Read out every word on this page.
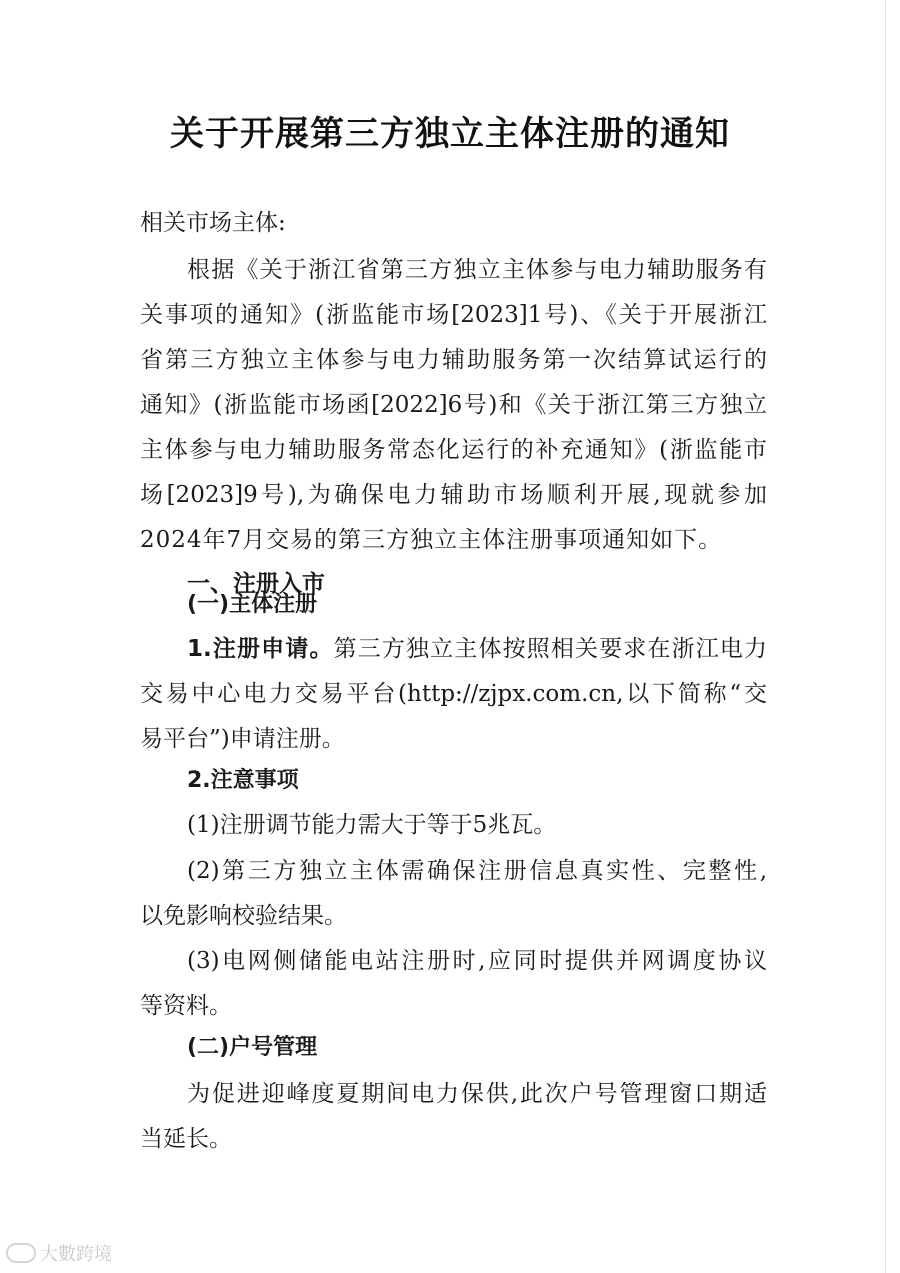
关于开展第三方独立主体注册的通知
相关市场主体:
根据《关于浙江省第三方独立主体参与电力辅助服务有
关事项的通知》(浙监能市场[2023]1号)、《关于开展浙江
省第三方独立主体参与电力辅助服务第一次结算试运行的
通知》(浙监能市场函[2022]6号)和《关于浙江第三方独立
主体参与电力辅助服务常态化运行的补充通知》(浙监能市
场[2023]9号),为确保电力辅助市场顺利开展,现就参加
2024年7月交易的第三方独立主体注册事项通知如下。
一、注册入市
(一)主体注册
1.注册申请。第三方独立主体按照相关要求在浙江电力
交易中心电力交易平台(http://zjpx.com.cn,以下简称“交
易平台”)申请注册。
2.注意事项
(1)注册调节能力需大于等于5兆瓦。
(2)第三方独立主体需确保注册信息真实性、完整性,
以免影响校验结果。
(3)电网侧储能电站注册时,应同时提供并网调度协议
等资料。
(二)户号管理
为促进迎峰度夏期间电力保供,此次户号管理窗口期适
当延长。
大數跨境
